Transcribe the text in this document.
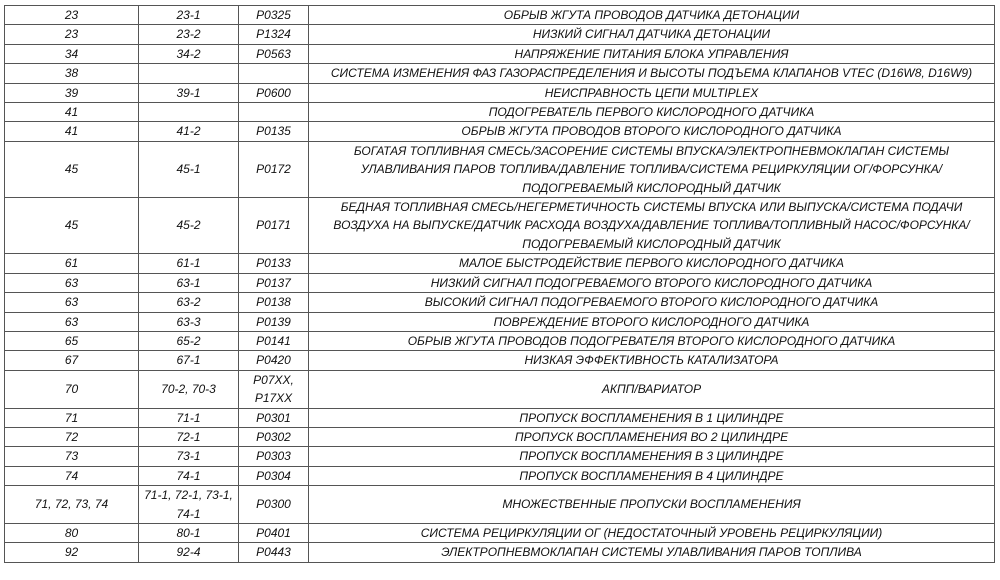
23	23-1	P0325	ОБРЫВ ЖГУТА ПРОВОДОВ ДАТЧИКА ДЕТОНАЦИИ
23	23-2	P1324	НИЗКИЙ СИГНАЛ ДАТЧИКА ДЕТОНАЦИИ
34	34-2	P0563	НАПРЯЖЕНИЕ ПИТАНИЯ БЛОКА УПРАВЛЕНИЯ
38			СИСТЕМА ИЗМЕНЕНИЯ ФАЗ ГАЗОРАСПРЕДЕЛЕНИЯ И ВЫСОТЫ ПОДЪЕМА КЛАПАНОВ VTEC (D16W8, D16W9)
39	39-1	P0600	НЕИСПРАВНОСТЬ ЦЕПИ MULTIPLEX
41			ПОДОГРЕВАТЕЛЬ ПЕРВОГО КИСЛОРОДНОГО ДАТЧИКА
41	41-2	P0135	ОБРЫВ ЖГУТА ПРОВОДОВ ВТОРОГО КИСЛОРОДНОГО ДАТЧИКА
45	45-1	P0172	БОГАТАЯ ТОПЛИВНАЯ СМЕСЬ/ЗАСОРЕНИЕ СИСТЕМЫ ВПУСКА/ЭЛЕКТРОПНЕВМОКЛАПАН СИСТЕМЫ УЛАВЛИВАНИЯ ПАРОВ ТОПЛИВА/ДАВЛЕНИЕ ТОПЛИВА/СИСТЕМА РЕЦИРКУЛЯЦИИ ОГ/ФОРСУНКА/ПОДОГРЕВАЕМЫЙ КИСЛОРОДНЫЙ ДАТЧИК
45	45-2	P0171	БЕДНАЯ ТОПЛИВНАЯ СМЕСЬ/НЕГЕРМЕТИЧНОСТЬ СИСТЕМЫ ВПУСКА ИЛИ ВЫПУСКА/СИСТЕМА ПОДАЧИ ВОЗДУХА НА ВЫПУСКЕ/ДАТЧИК РАСХОДА ВОЗДУХА/ДАВЛЕНИЕ ТОПЛИВА/ТОПЛИВНЫЙ НАСОС/ФОРСУНКА/ПОДОГРЕВАЕМЫЙ КИСЛОРОДНЫЙ ДАТЧИК
61	61-1	P0133	МАЛОЕ БЫСТРОДЕЙСТВИЕ ПЕРВОГО КИСЛОРОДНОГО ДАТЧИКА
63	63-1	P0137	НИЗКИЙ СИГНАЛ ПОДОГРЕВАЕМОГО ВТОРОГО КИСЛОРОДНОГО ДАТЧИКА
63	63-2	P0138	ВЫСОКИЙ СИГНАЛ ПОДОГРЕВАЕМОГО ВТОРОГО КИСЛОРОДНОГО ДАТЧИКА
63	63-3	P0139	ПОВРЕЖДЕНИЕ ВТОРОГО КИСЛОРОДНОГО ДАТЧИКА
65	65-2	P0141	ОБРЫВ ЖГУТА ПРОВОДОВ ПОДОГРЕВАТЕЛЯ ВТОРОГО КИСЛОРОДНОГО ДАТЧИКА
67	67-1	P0420	НИЗКАЯ ЭФФЕКТИВНОСТЬ КАТАЛИЗАТОРА
70	70-2, 70-3	P07XX, P17XX	АКПП/ВАРИАТОР
71	71-1	P0301	ПРОПУСК ВОСПЛАМЕНЕНИЯ В 1 ЦИЛИНДРЕ
72	72-1	P0302	ПРОПУСК ВОСПЛАМЕНЕНИЯ ВО 2 ЦИЛИНДРЕ
73	73-1	P0303	ПРОПУСК ВОСПЛАМЕНЕНИЯ В 3 ЦИЛИНДРЕ
74	74-1	P0304	ПРОПУСК ВОСПЛАМЕНЕНИЯ В 4 ЦИЛИНДРЕ
71, 72, 73, 74	71-1, 72-1, 73-1, 74-1	P0300	МНОЖЕСТВЕННЫЕ ПРОПУСКИ ВОСПЛАМЕНЕНИЯ
80	80-1	P0401	СИСТЕМА РЕЦИРКУЛЯЦИИ ОГ (НЕДОСТАТОЧНЫЙ УРОВЕНЬ РЕЦИРКУЛЯЦИИ)
92	92-4	P0443	ЭЛЕКТРОПНЕВМОКЛАПАН СИСТЕМЫ УЛАВЛИВАНИЯ ПАРОВ ТОПЛИВА
